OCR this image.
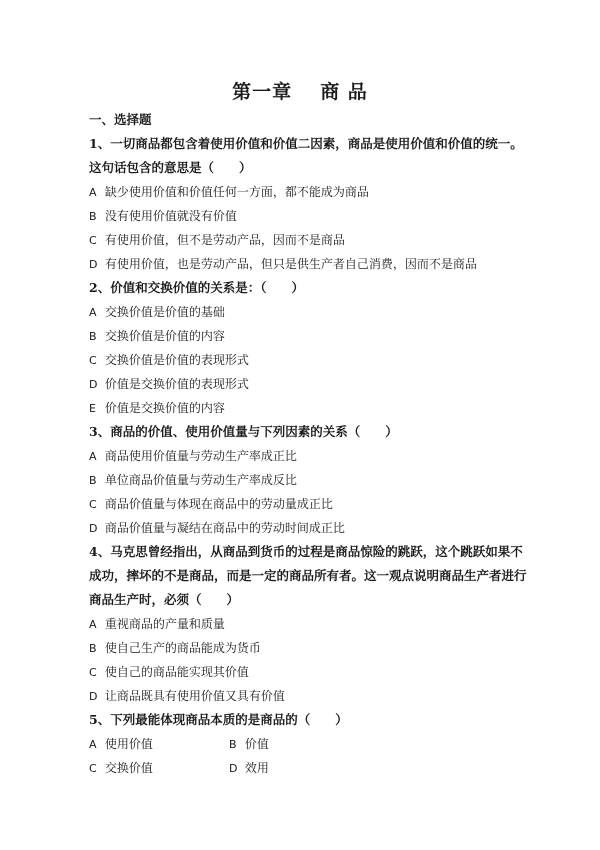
第一章 商 品
一、选择题
1、一切商品都包含着使用价值和价值二因素，商品是使用价值和价值的统一。这句话包含的意思是（　　）
A 缺少使用价值和价值任何一方面，都不能成为商品
B 没有使用价值就没有价值
C 有使用价值，但不是劳动产品，因而不是商品
D 有使用价值，也是劳动产品，但只是供生产者自己消费，因而不是商品
2、价值和交换价值的关系是：（　　）
A 交换价值是价值的基础
B 交换价值是价值的内容
C 交换价值是价值的表现形式
D 价值是交换价值的表现形式
E 价值是交换价值的内容
3、商品的价值、使用价值量与下列因素的关系（　　）
A 商品使用价值量与劳动生产率成正比
B 单位商品价值量与劳动生产率成反比
C 商品价值量与体现在商品中的劳动量成正比
D 商品价值量与凝结在商品中的劳动时间成正比
4、马克思曾经指出，从商品到货币的过程是商品惊险的跳跃，这个跳跃如果不成功，摔坏的不是商品，而是一定的商品所有者。这一观点说明商品生产者进行商品生产时，必须（　　）
A 重视商品的产量和质量
B 使自己生产的商品能成为货币
C 使自己的商品能实现其价值
D 让商品既具有使用价值又具有价值
5、下列最能体现商品本质的是商品的（　　）
A 使用价值	B 价值
C 交换价值	D 效用
